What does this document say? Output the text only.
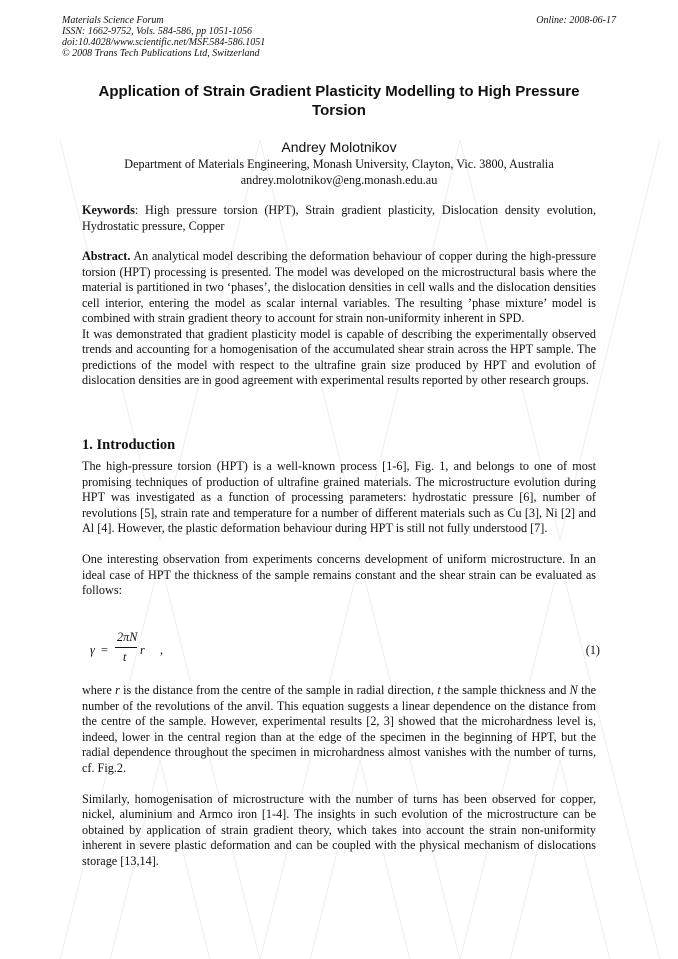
Materials Science Forum
ISSN: 1662-9752, Vols. 584-586, pp 1051-1056
doi:10.4028/www.scientific.net/MSF.584-586.1051
© 2008 Trans Tech Publications Ltd, Switzerland
Online: 2008-06-17
Application of Strain Gradient Plasticity Modelling to High Pressure Torsion
Andrey Molotnikov
Department of Materials Engineering, Monash University, Clayton, Vic. 3800, Australia
andrey.molotnikov@eng.monash.edu.au

Keywords: High pressure torsion (HPT), Strain gradient plasticity, Dislocation density evolution, Hydrostatic pressure, Copper

Abstract. An analytical model describing the deformation behaviour of copper during the high-pressure torsion (HPT) processing is presented. The model was developed on the microstructural basis where the material is partitioned in two ‘phases’, the dislocation densities in cell walls and the dislocation densities cell interior, entering the model as scalar internal variables. The resulting ’phase mixture’ model is combined with strain gradient theory to account for strain non-uniformity inherent in SPD.

It was demonstrated that gradient plasticity model is capable of describing the experimentally observed trends and accounting for a homogenisation of the accumulated shear strain across the HPT sample. The predictions of the model with respect to the ultrafine grain size produced by HPT and evolution of dislocation densities are in good agreement with experimental results reported by other research groups.

1. Introduction

The high-pressure torsion (HPT) is a well-known process [1-6], Fig. 1, and belongs to one of most promising techniques of production of ultrafine grained materials. The microstructure evolution during HPT was investigated as a function of processing parameters: hydrostatic pressure [6], number of revolutions [5], strain rate and temperature for a number of different materials such as Cu [3], Ni [2] and Al [4]. However, the plastic deformation behaviour during HPT is still not fully understood [7].

One interesting observation from experiments concerns development of uniform microstructure. In an ideal case of HPT the thickness of the sample remains constant and the shear strain can be evaluated as follows:

γ =
2πN
t r ,	(1)

where r is the distance from the centre of the sample in radial direction, t the sample thickness and N the number of the revolutions of the anvil. This equation suggests a linear dependence on the distance from the centre of the sample. However, experimental results [2, 3] showed that the microhardness level is, indeed, lower in the central region than at the edge of the specimen in the beginning of HPT, but the radial dependence throughout the specimen in microhardness almost vanishes with the number of turns, cf. Fig.2.

Similarly, homogenisation of microstructure with the number of turns has been observed for copper, nickel, aluminium and Armco iron [1-4]. The insights in such evolution of the microstructure can be obtained by application of strain gradient theory, which takes into account the strain non-uniformity inherent in severe plastic deformation and can be coupled with the physical mechanism of dislocations storage [13,14].
